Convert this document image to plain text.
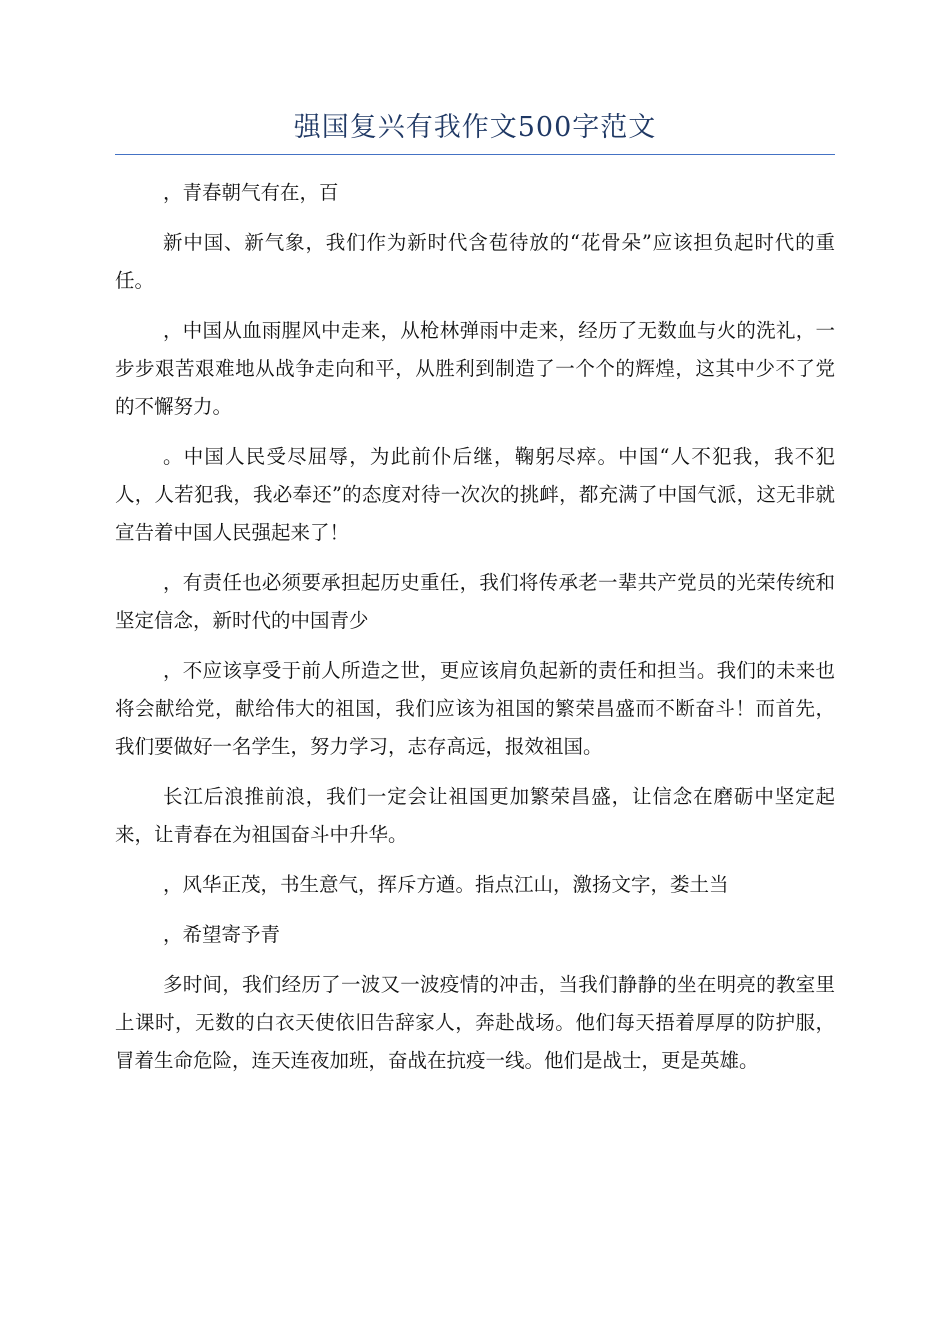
强国复兴有我作文500字范文

，青春朝气有在，百

新中国、新气象，我们作为新时代含苞待放的“花骨朵”应该担负起时代的重任。

，中国从血雨腥风中走来，从枪林弹雨中走来，经历了无数血与火的洗礼，一步步艰苦艰难地从战争走向和平，从胜利到制造了一个个的辉煌，这其中少不了党的不懈努力。

。中国人民受尽屈辱，为此前仆后继，鞠躬尽瘁。中国“人不犯我，我不犯人，人若犯我，我必奉还”的态度对待一次次的挑衅，都充满了中国气派，这无非就宣告着中国人民强起来了！

，有责任也必须要承担起历史重任，我们将传承老一辈共产党员的光荣传统和坚定信念，新时代的中国青少

，不应该享受于前人所造之世，更应该肩负起新的责任和担当。我们的未来也将会献给党，献给伟大的祖国，我们应该为祖国的繁荣昌盛而不断奋斗！而首先，我们要做好一名学生，努力学习，志存高远，报效祖国。

长江后浪推前浪，我们一定会让祖国更加繁荣昌盛，让信念在磨砺中坚定起来，让青春在为祖国奋斗中升华。

，风华正茂，书生意气，挥斥方遒。指点江山，激扬文字，娄土当

，希望寄予青

多时间，我们经历了一波又一波疫情的冲击，当我们静静的坐在明亮的教室里上课时，无数的白衣天使依旧告辞家人，奔赴战场。他们每天捂着厚厚的防护服，冒着生命危险，连天连夜加班，奋战在抗疫一线。他们是战士，更是英雄。
